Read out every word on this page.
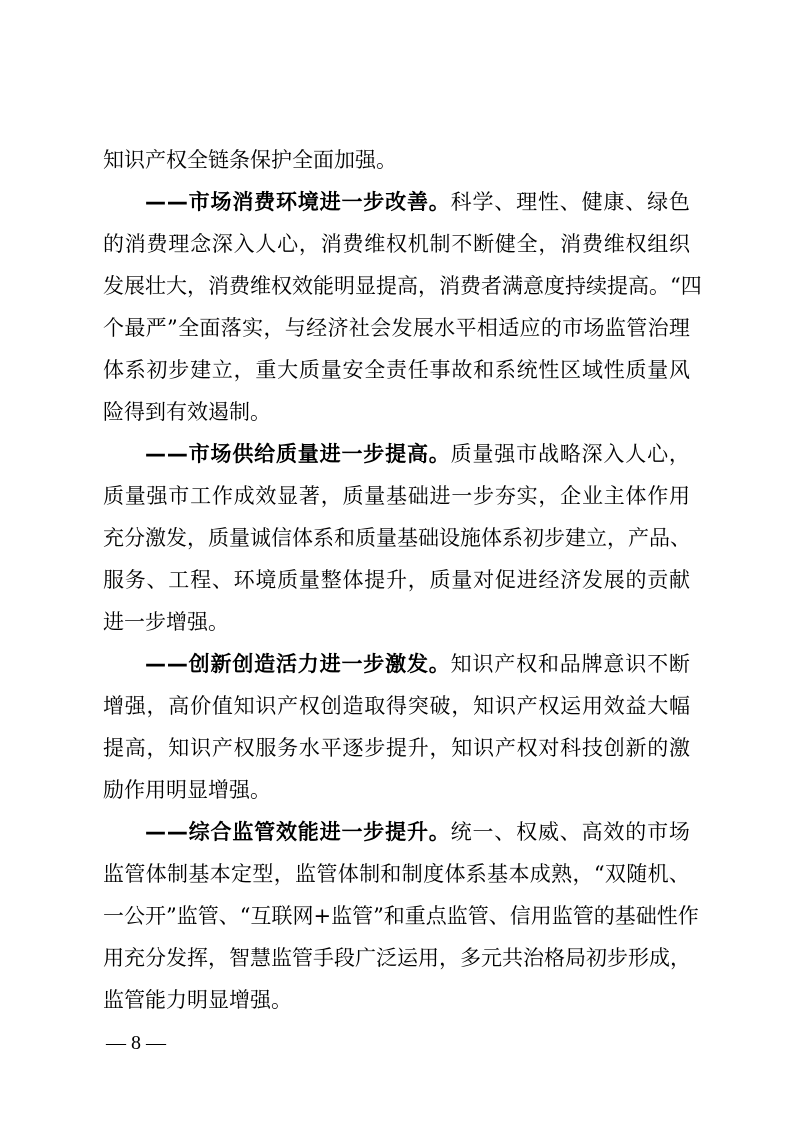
知识产权全链条保护全面加强。
——市场消费环境进一步改善。科学、理性、健康、绿色
的消费理念深入人心，消费维权机制不断健全，消费维权组织
发展壮大，消费维权效能明显提高，消费者满意度持续提高。“四
个最严”全面落实，与经济社会发展水平相适应的市场监管治理
体系初步建立，重大质量安全责任事故和系统性区域性质量风
险得到有效遏制。
——市场供给质量进一步提高。质量强市战略深入人心，
质量强市工作成效显著，质量基础进一步夯实，企业主体作用
充分激发，质量诚信体系和质量基础设施体系初步建立，产品、
服务、工程、环境质量整体提升，质量对促进经济发展的贡献
进一步增强。
——创新创造活力进一步激发。知识产权和品牌意识不断
增强，高价值知识产权创造取得突破，知识产权运用效益大幅
提高，知识产权服务水平逐步提升，知识产权对科技创新的激
励作用明显增强。
——综合监管效能进一步提升。统一、权威、高效的市场
监管体制基本定型，监管体制和制度体系基本成熟，“双随机、
一公开”监管、“互联网+监管”和重点监管、信用监管的基础性作
用充分发挥，智慧监管手段广泛运用，多元共治格局初步形成，
监管能力明显增强。
— 8 —
